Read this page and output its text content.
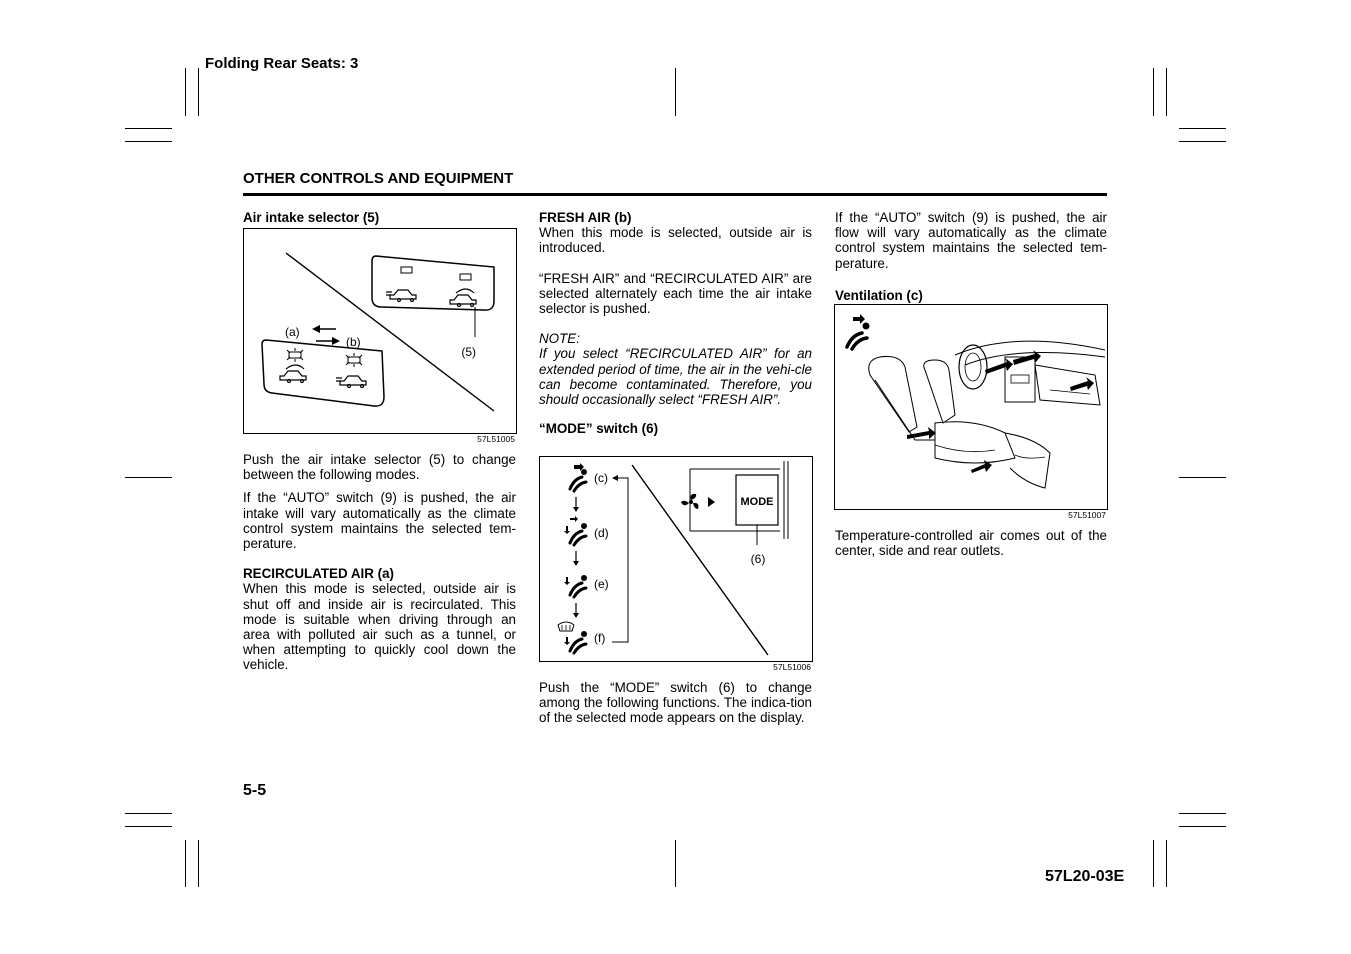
Folding Rear Seats: 3
OTHER CONTROLS AND EQUIPMENT
Air intake selector (5)
(5)
(a)
(b)
57L51005

Push the air intake selector (5) to change between the following modes.

If the “AUTO” switch (9) is pushed, the air intake will vary automatically as the climate control system maintains the selected tem-perature.

RECIRCULATED AIR (a)

When this mode is selected, outside air is shut off and inside air is recirculated. This mode is suitable when driving through an area with polluted air such as a tunnel, or when attempting to quickly cool down the vehicle.

FRESH AIR (b)

When this mode is selected, outside air is introduced.

“FRESH AIR” and “RECIRCULATED AIR” are selected alternately each time the air intake selector is pushed.

NOTE:

If you select “RECIRCULATED AIR” for an extended period of time, the air in the vehi-cle can become contaminated. Therefore, you should occasionally select “FRESH AIR”.

“MODE” switch (6)
(c)
(d)
(e)
(f)
MODE
(6)
57L51006

Push the “MODE” switch (6) to change among the following functions. The indica-tion of the selected mode appears on the display.

If the “AUTO” switch (9) is pushed, the air flow will vary automatically as the climate control system maintains the selected tem-perature.

Ventilation (c)
57L51007

Temperature-controlled air comes out of the center, side and rear outlets.

5-5
57L20-03E
